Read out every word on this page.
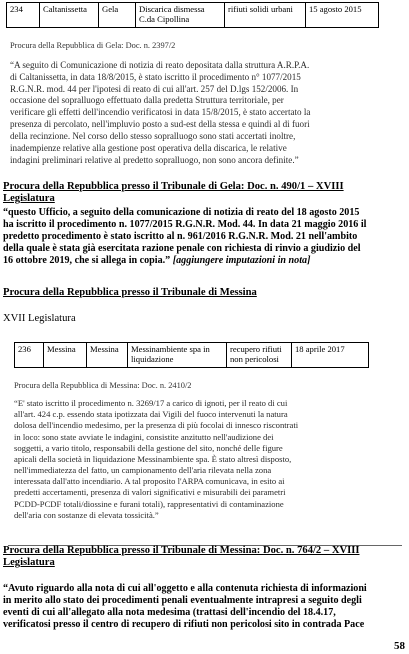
234	Caltanissetta	Gela	Discarica dismessa C.da Cipollina	rifiuti solidi urbani	15 agosto 2015
Procura della Repubblica di Gela: Doc. n. 2397/2
“A seguito di Comunicazione di notizia di reato depositata dalla struttura A.R.P.A.
di Caltanissetta, in data 18/8/2015, è stato iscritto il procedimento n° 1077/2015
R.G.N.R. mod. 44 per l'ipotesi di reato di cui all'art. 257 del D.lgs 152/2006. In
occasione del sopralluogo effettuato dalla predetta Struttura territoriale, per
verificare gli effetti dell'incendio verificatosi in data 15/8/2015, è stato accertato la
presenza di percolato, nell'impluvio posto a sud-est della stessa e quindi al di fuori
della recinzione. Nel corso dello stesso sopralluogo sono stati accertati inoltre,
inadempienze relative alla gestione post operativa della discarica, le relative
indagini preliminari relative al predetto sopralluogo, non sono ancora definite.”
Procura della Repubblica presso il Tribunale di Gela: Doc. n. 490/1 – XVIII
Legislatura
“questo Ufficio, a seguito della comunicazione di notizia di reato del 18 agosto 2015
ha iscritto il procedimento n. 1077/2015 R.G.N.R. Mod. 44. In data 21 maggio 2016 il
predetto procedimento è stato iscritto al n. 961/2016 R.G.N.R. Mod. 21 nell'ambito
della quale è stata già esercitata razione penale con richiesta di rinvio a giudizio del
16 ottobre 2019, che si allega in copia.” [aggiungere imputazioni in nota]
Procura della Repubblica presso il Tribunale di Messina
XVII Legislatura
236	Messina	Messina	Messinambiente spa in liquidazione	recupero rifiuti non pericolosi	18 aprile 2017
Procura della Repubblica di Messina: Doc. n. 2410/2
“E' stato iscritto il procedimento n. 3269/17 a carico di ignoti, per il reato di cui
all'art. 424 c.p. essendo stata ipotizzata dai Vigili del fuoco intervenuti la natura
dolosa dell'incendio medesimo, per la presenza di più focolai di innesco riscontrati
in loco: sono state avviate le indagini, consistite anzitutto nell'audizione dei
soggetti, a vario titolo, responsabili della gestione del sito, nonché delle figure
apicali della società in liquidazione Messinambiente spa. È stato altresì disposto,
nell'immediatezza del fatto, un campionamento dell'aria rilevata nella zona
interessata dall'atto incendiario. A tal proposito l'ARPA comunicava, in esito ai
predetti accertamenti, presenza di valori significativi e misurabili dei parametri
PCDD-PCDF totali/diossine e furani totali), rappresentativi di contaminazione
dell'aria con sostanze di elevata tossicità.”
Procura della Repubblica presso il Tribunale di Messina: Doc. n. 764/2 – XVIII
Legislatura
“Avuto riguardo alla nota di cui all'oggetto e alla contenuta richiesta di informazioni
in merito allo stato dei procedimenti penali eventualmente intrapresi a seguito degli
eventi di cui all'allegato alla nota medesima (trattasi dell'incendio del 18.4.17,
verificatosi presso il centro di recupero di rifiuti non pericolosi sito in contrada Pace
58
